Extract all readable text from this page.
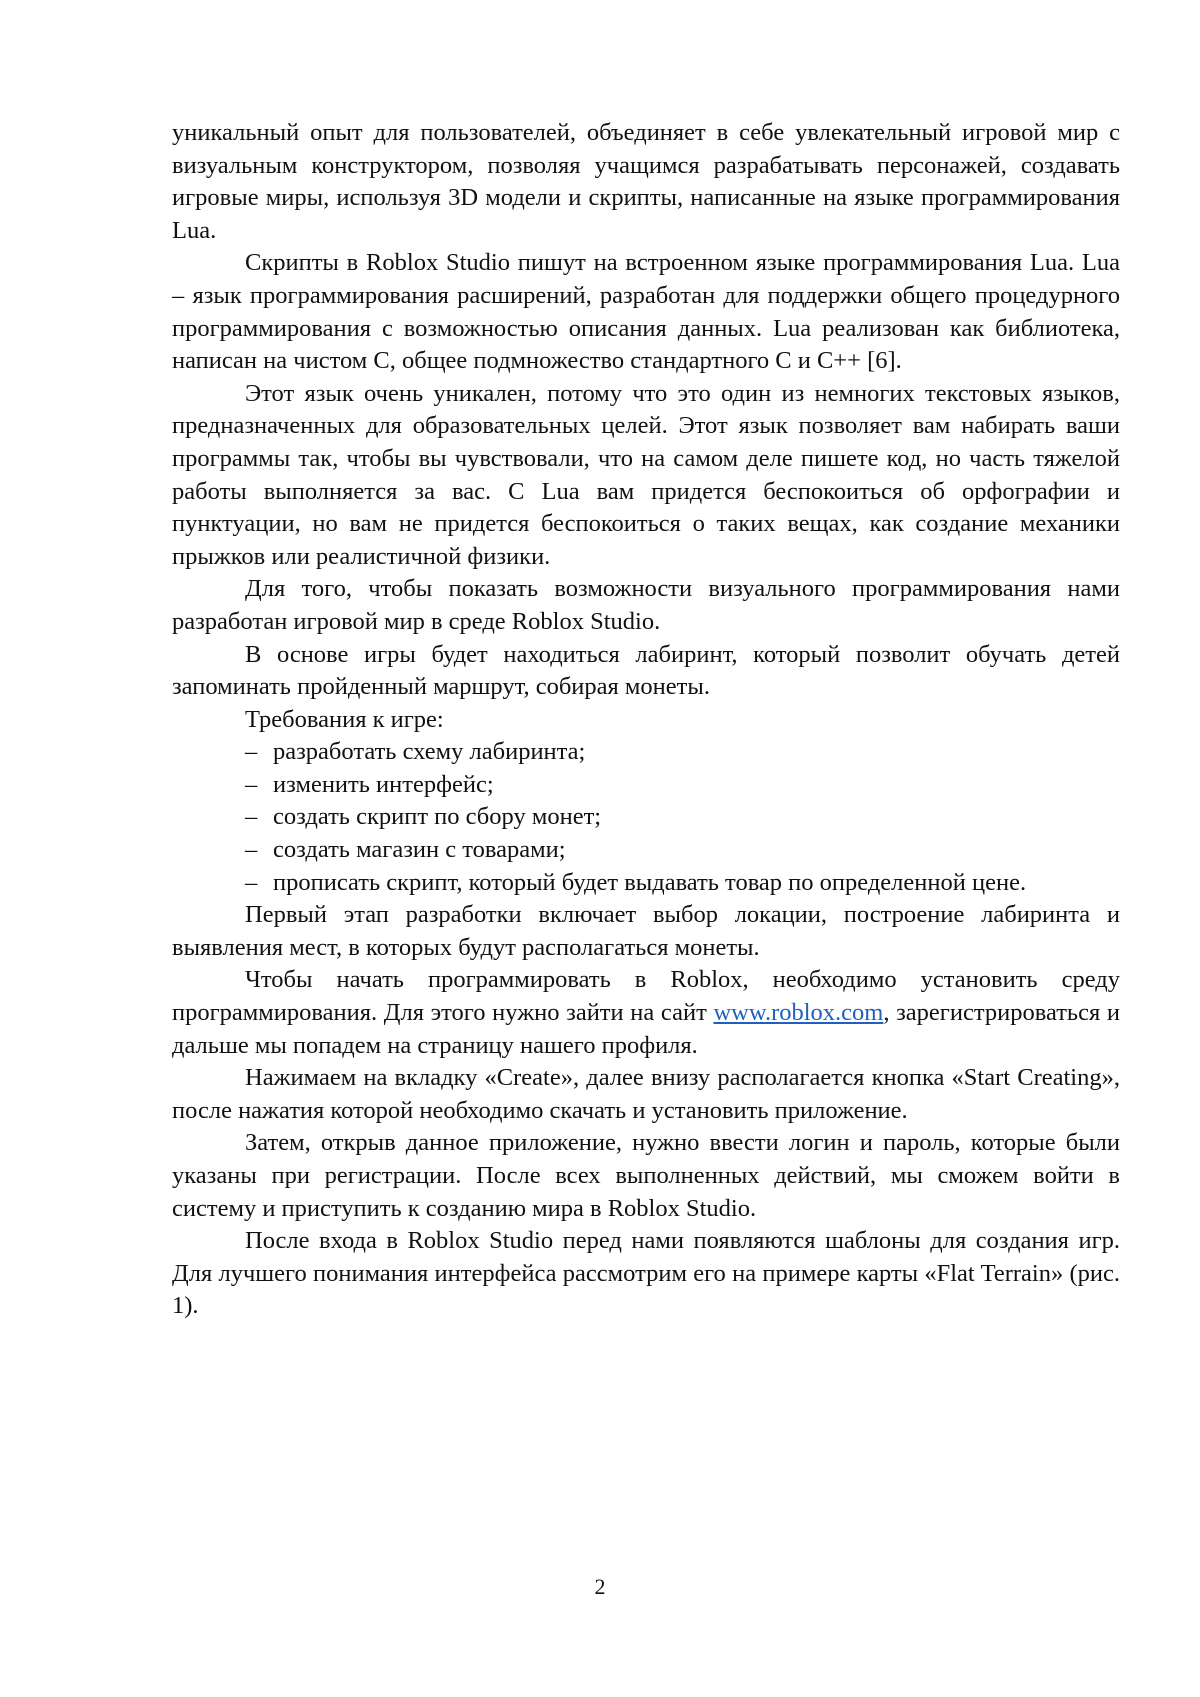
уникальный опыт для пользователей, объединяет в себе увлекательный игровой мир с визуальным конструктором, позволяя учащимся разрабатывать персонажей, создавать игровые миры, используя 3D модели и скрипты, написанные на языке программирования Lua.

Скрипты в Roblox Studio пишут на встроенном языке программирования Lua. Lua – язык программирования расширений, разработан для поддержки общего процедурного программирования с возможностью описания данных. Lua реализован как библиотека, написан на чистом C, общее подмножество стандартного C и C++ [6].

Этот язык очень уникален, потому что это один из немногих текстовых языков, предназначенных для образовательных целей. Этот язык позволяет вам набирать ваши программы так, чтобы вы чувствовали, что на самом деле пишете код, но часть тяжелой работы выполняется за вас. С Lua вам придется беспокоиться об орфографии и пунктуации, но вам не придется беспокоиться о таких вещах, как создание механики прыжков или реалистичной физики.

Для того, чтобы показать возможности визуального программирования нами разработан игровой мир в среде Roblox Studio.

В основе игры будет находиться лабиринт, который позволит обучать детей запоминать пройденный маршрут, собирая монеты.

Требования к игре:

– разработать схему лабиринта;
– изменить интерфейс;
– создать скрипт по сбору монет;
– создать магазин с товарами;
– прописать скрипт, который будет выдавать товар по определенной цене.

Первый этап разработки включает выбор локации, построение лабиринта и выявления мест, в которых будут располагаться монеты.

Чтобы начать программировать в Roblox, необходимо установить среду программирования. Для этого нужно зайти на сайт www.roblox.com, зарегистрироваться и дальше мы попадем на страницу нашего профиля.

Нажимаем на вкладку «Create», далее внизу располагается кнопка «Start Creating», после нажатия которой необходимо скачать и установить приложение.

Затем, открыв данное приложение, нужно ввести логин и пароль, которые были указаны при регистрации. После всех выполненных действий, мы сможем войти в систему и приступить к созданию мира в Roblox Studio.

После входа в Roblox Studio перед нами появляются шаблоны для создания игр. Для лучшего понимания интерфейса рассмотрим его на примере карты «Flat Terrain» (рис. 1).

2
